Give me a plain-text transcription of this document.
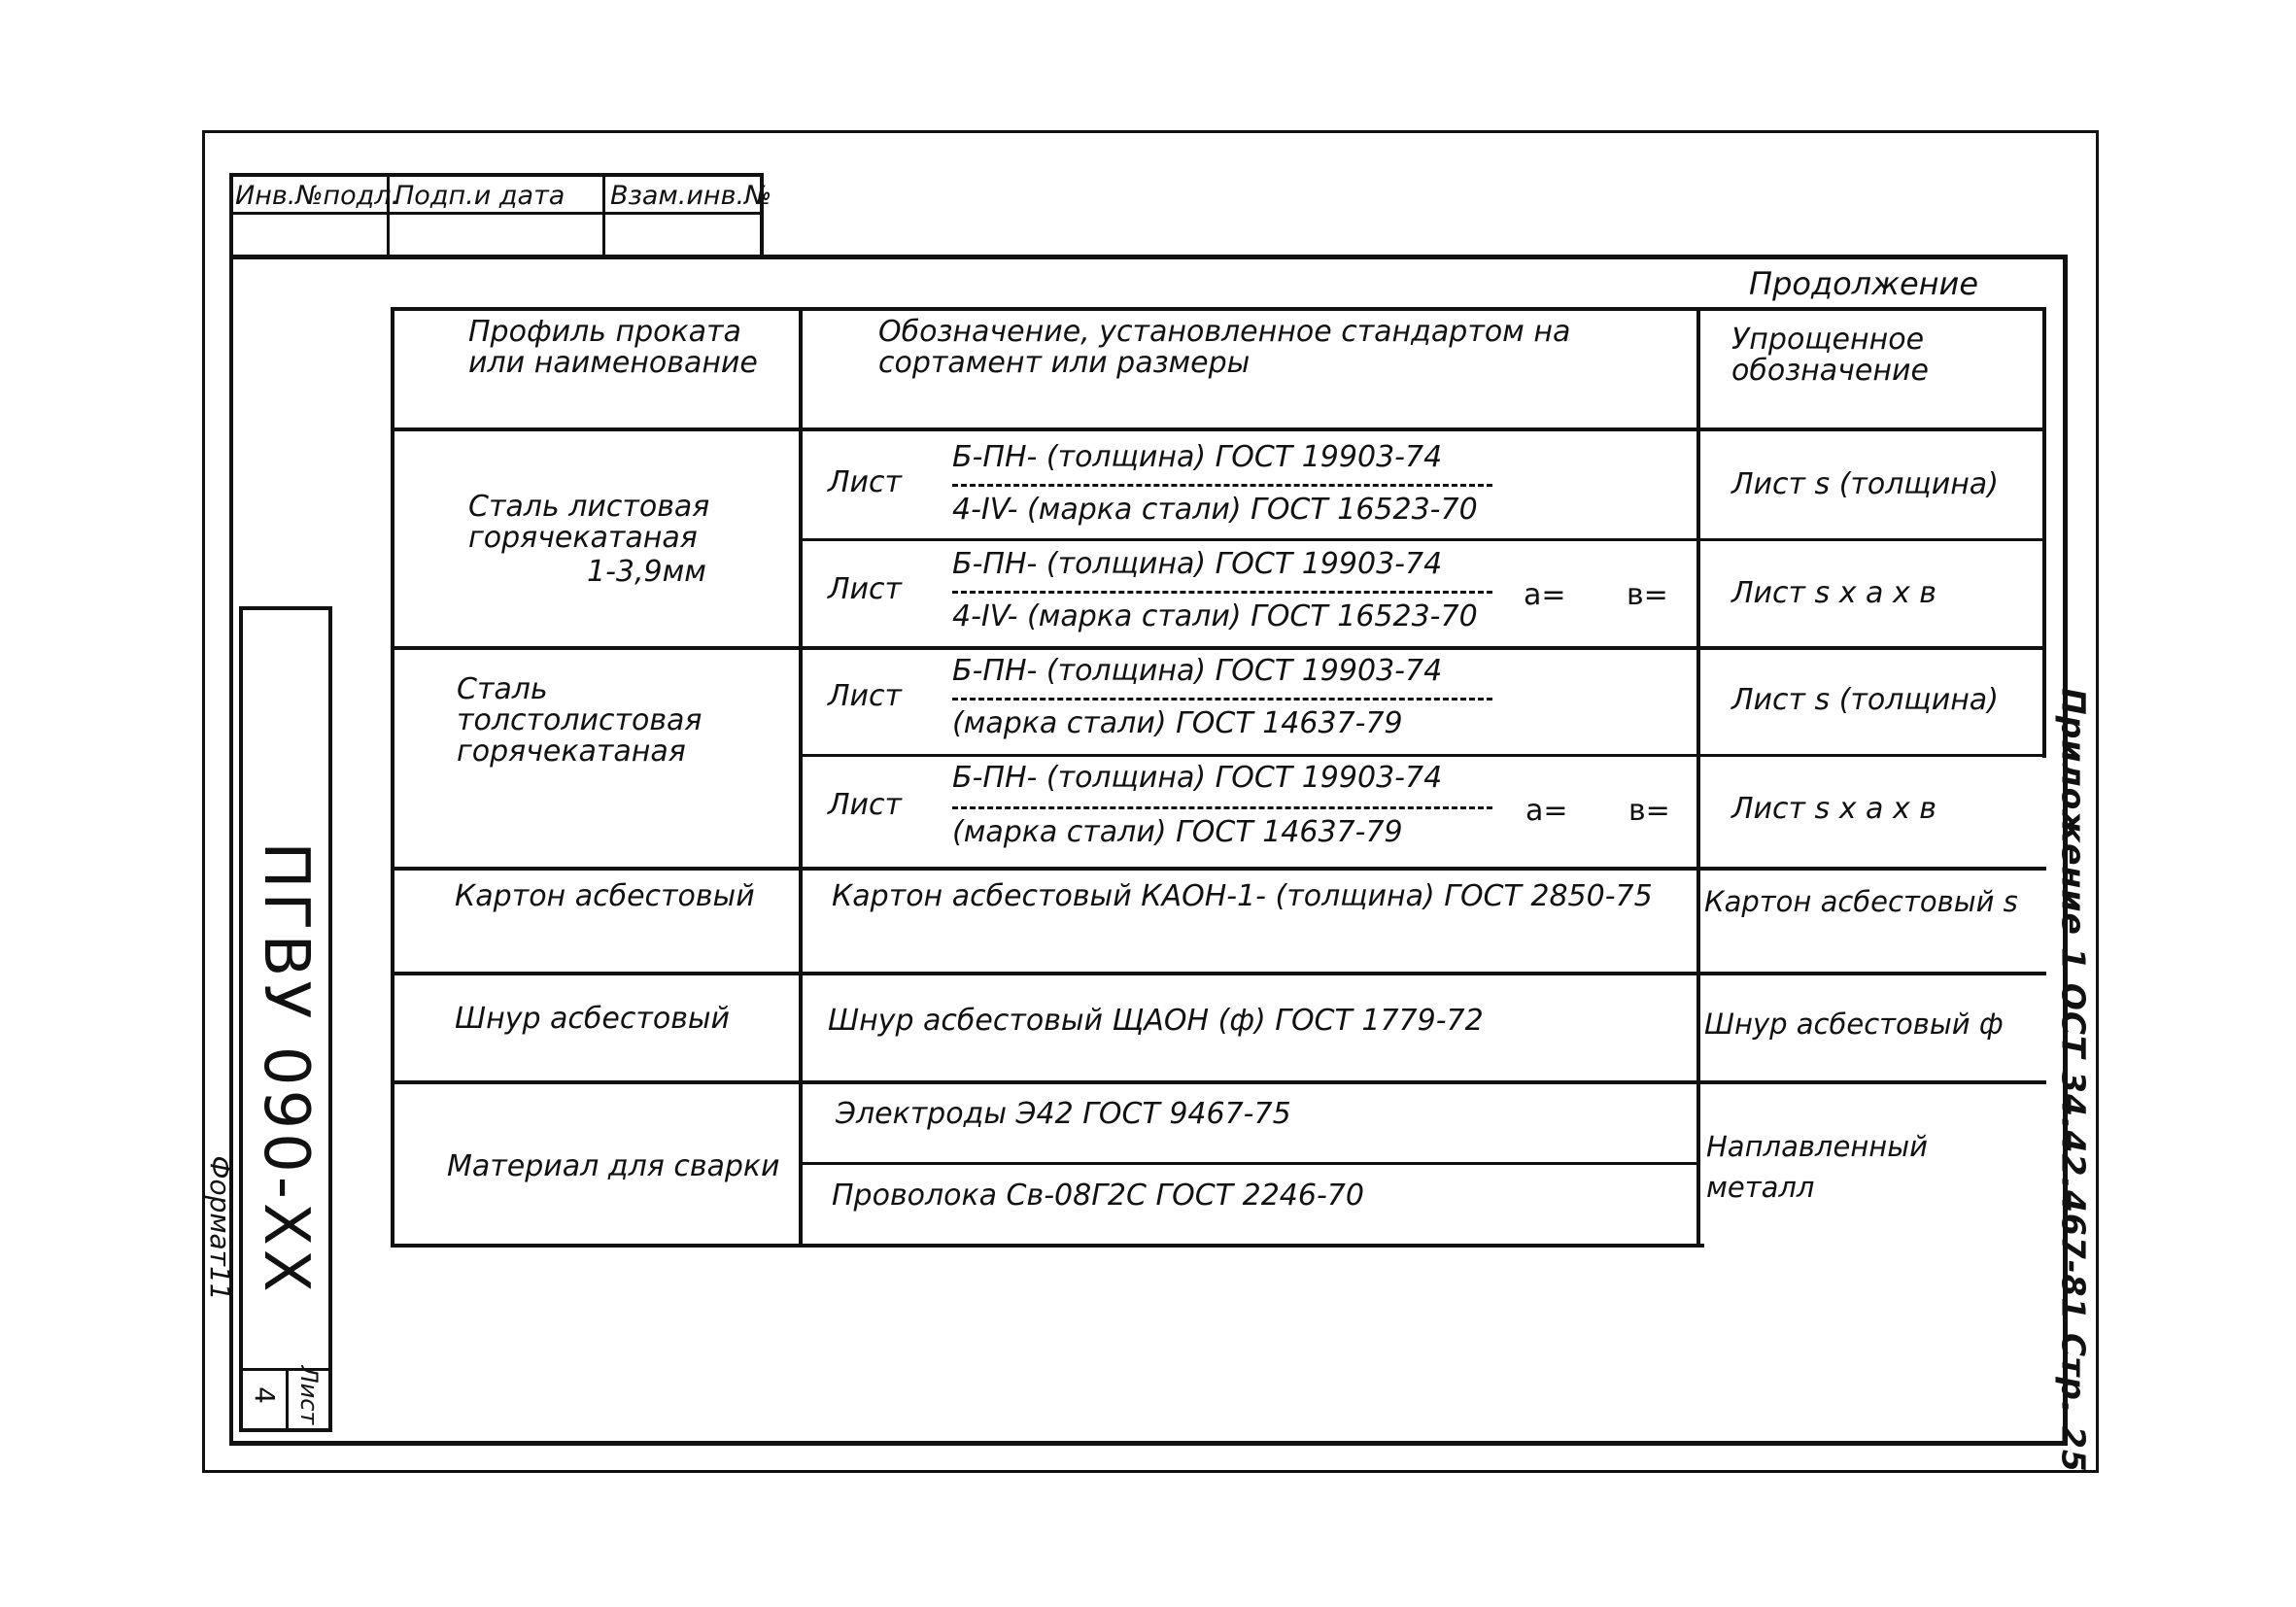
Инв.№подл.
Подп.и дата Взам.инв.№
Продолжение
Профиль проката или наименование
Обозначение, установленное стандартом на сортамент или размеры
Упрощенное обозначение
Сталь листовая горячекатаная
1-3,9мм
Сталь толстолистовая горячекатаная
Картон асбестовый
Шнур асбестовый
Материал для сварки
Лист
Б-ПН- (толщина) ГОСТ 19903-74
4-IV- (марка стали) ГОСТ 16523-70
Лист s (толщина)
Лист
Б-ПН- (толщина) ГОСТ 19903-74
4-IV- (марка стали) ГОСТ 16523-70
a= в= Лист s x a x в
Лист
Б-ПН- (толщина) ГОСТ 19903-74
(марка стали) ГОСТ 14637-79
Лист s (толщина)
Лист
Б-ПН- (толщина) ГОСТ 19903-74
(марка стали) ГОСТ 14637-79
a= в= Лист s x a x в
Картон асбестовый КАОН-1- (толщина) ГОСТ 2850-75 Картон асбестовый s
Шнур асбестовый ЩАОН (ф) ГОСТ 1779-72	Шнур асбестовый ф
Электроды Э42 ГОСТ 9467-75
Проволока Св-08Г2С ГОСТ 2246-70
Наплавленный
металл
ПГВУ 090-ХХ
Лист
4
Формат11	Приложение 1 ОСТ 34.42.467-81 Стр. 25
